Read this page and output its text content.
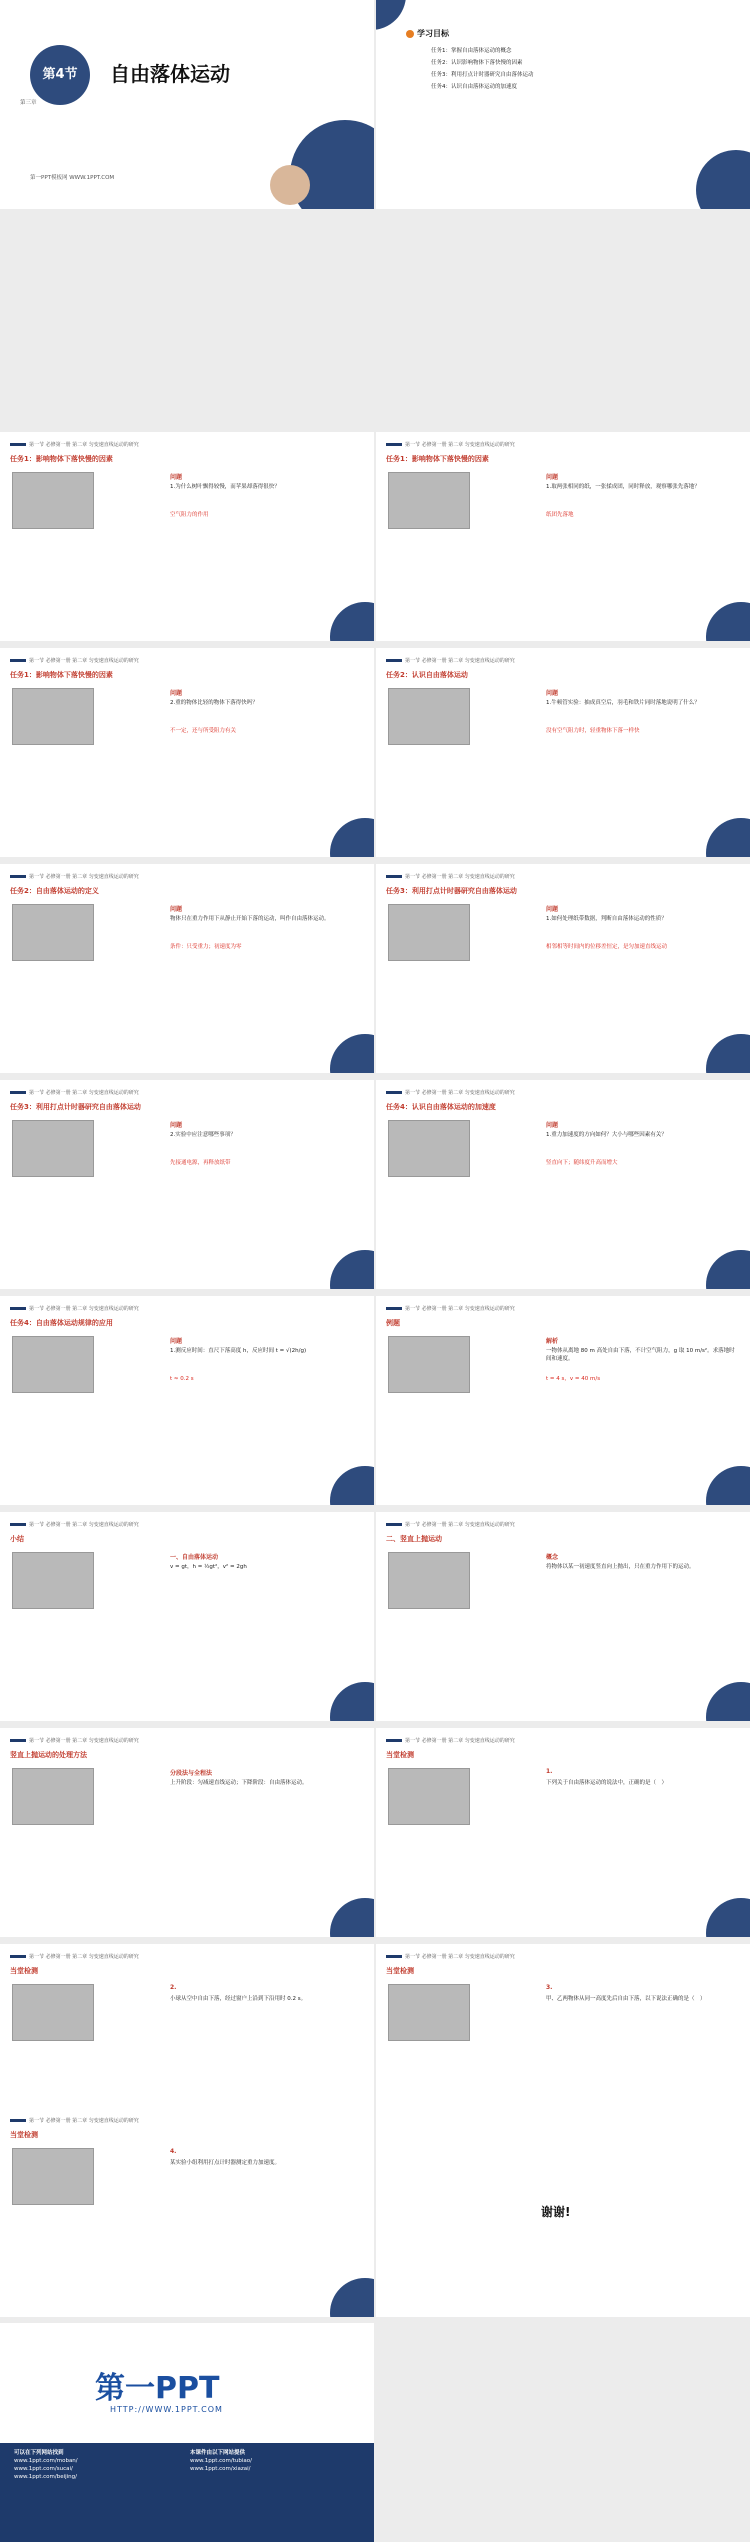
第三章
第4节	自由落体运动
第一PPT模板网 WWW.1PPT.COM
学习目标
任务1：掌握自由落体运动的概念
任务2：认识影响物体下落快慢的因素
任务3：利用打点计时器研究自由落体运动
任务4：认识自由落体运动的加速度
第一节 必修第一册 第二章 匀变速直线运动的研究
任务1：影响物体下落快慢的因素
问题
1.为什么树叶飘得较慢，而苹果却落得很快？
空气阻力的作用
第一节 必修第一册 第二章 匀变速直线运动的研究
任务1：影响物体下落快慢的因素
问题
1.取两张相同的纸，一张揉成团，同时释放，观察哪张先落地？
纸团先落地
第一节 必修第一册 第二章 匀变速直线运动的研究
任务1：影响物体下落快慢的因素
问题
2.重的物体比轻的物体下落得快吗？
不一定，还与所受阻力有关
第一节 必修第一册 第二章 匀变速直线运动的研究
任务2：认识自由落体运动
问题
1.牛顿管实验：抽成真空后，羽毛和铁片同时落地说明了什么？
没有空气阻力时，轻重物体下落一样快
第一节 必修第一册 第二章 匀变速直线运动的研究
任务2：自由落体运动的定义
问题
物体只在重力作用下从静止开始下落的运动，叫作自由落体运动。
条件：只受重力；初速度为零
第一节 必修第一册 第二章 匀变速直线运动的研究
任务3：利用打点计时器研究自由落体运动
问题
1.如何处理纸带数据，判断自由落体运动的性质？
相邻相等时间内的位移差恒定，是匀加速直线运动
第一节 必修第一册 第二章 匀变速直线运动的研究
任务3：利用打点计时器研究自由落体运动
问题
2.实验中应注意哪些事项？
先接通电源，再释放纸带
第一节 必修第一册 第二章 匀变速直线运动的研究
任务4：认识自由落体运动的加速度
问题
1.重力加速度的方向如何？大小与哪些因素有关？
竖直向下；随纬度升高而增大
第一节 必修第一册 第二章 匀变速直线运动的研究
任务4：自由落体运动规律的应用
问题
1.测反应时间：直尺下落高度 h，反应时间 t = √(2h/g)
t ≈ 0.2 s
第一节 必修第一册 第二章 匀变速直线运动的研究
例题
解析
一物体从离地 80 m 高处自由下落，不计空气阻力，g 取 10 m/s²。求落地时间和速度。
t = 4 s，v = 40 m/s
第一节 必修第一册 第二章 匀变速直线运动的研究
小结
一、自由落体运动
v = gt，h = ½gt²，v² = 2gh
第一节 必修第一册 第二章 匀变速直线运动的研究
二、竖直上抛运动
概念
将物体以某一初速度竖直向上抛出，只在重力作用下的运动。
第一节 必修第一册 第二章 匀变速直线运动的研究
竖直上抛运动的处理方法
分段法与全程法
上升阶段：匀减速直线运动；下降阶段：自由落体运动。
第一节 必修第一册 第二章 匀变速直线运动的研究
当堂检测
1.
下列关于自由落体运动的说法中，正确的是（　）
第一节 必修第一册 第二章 匀变速直线运动的研究
当堂检测
2.
小球从空中自由下落，经过窗户上沿到下沿用时 0.2 s。
第一节 必修第一册 第二章 匀变速直线运动的研究
当堂检测
3.
甲、乙两物体从同一高度先后自由下落，以下说法正确的是（　）
第一节 必修第一册 第二章 匀变速直线运动的研究
当堂检测
4.
某实验小组利用打点计时器测定重力加速度。
谢谢!
第一PPT
HTTP://WWW.1PPT.COM
可以在下列网站找到
www.1ppt.com/moban/
www.1ppt.com/sucai/
www.1ppt.com/beijing/
本课件由以下网站提供
www.1ppt.com/tubiao/
www.1ppt.com/xiazai/
